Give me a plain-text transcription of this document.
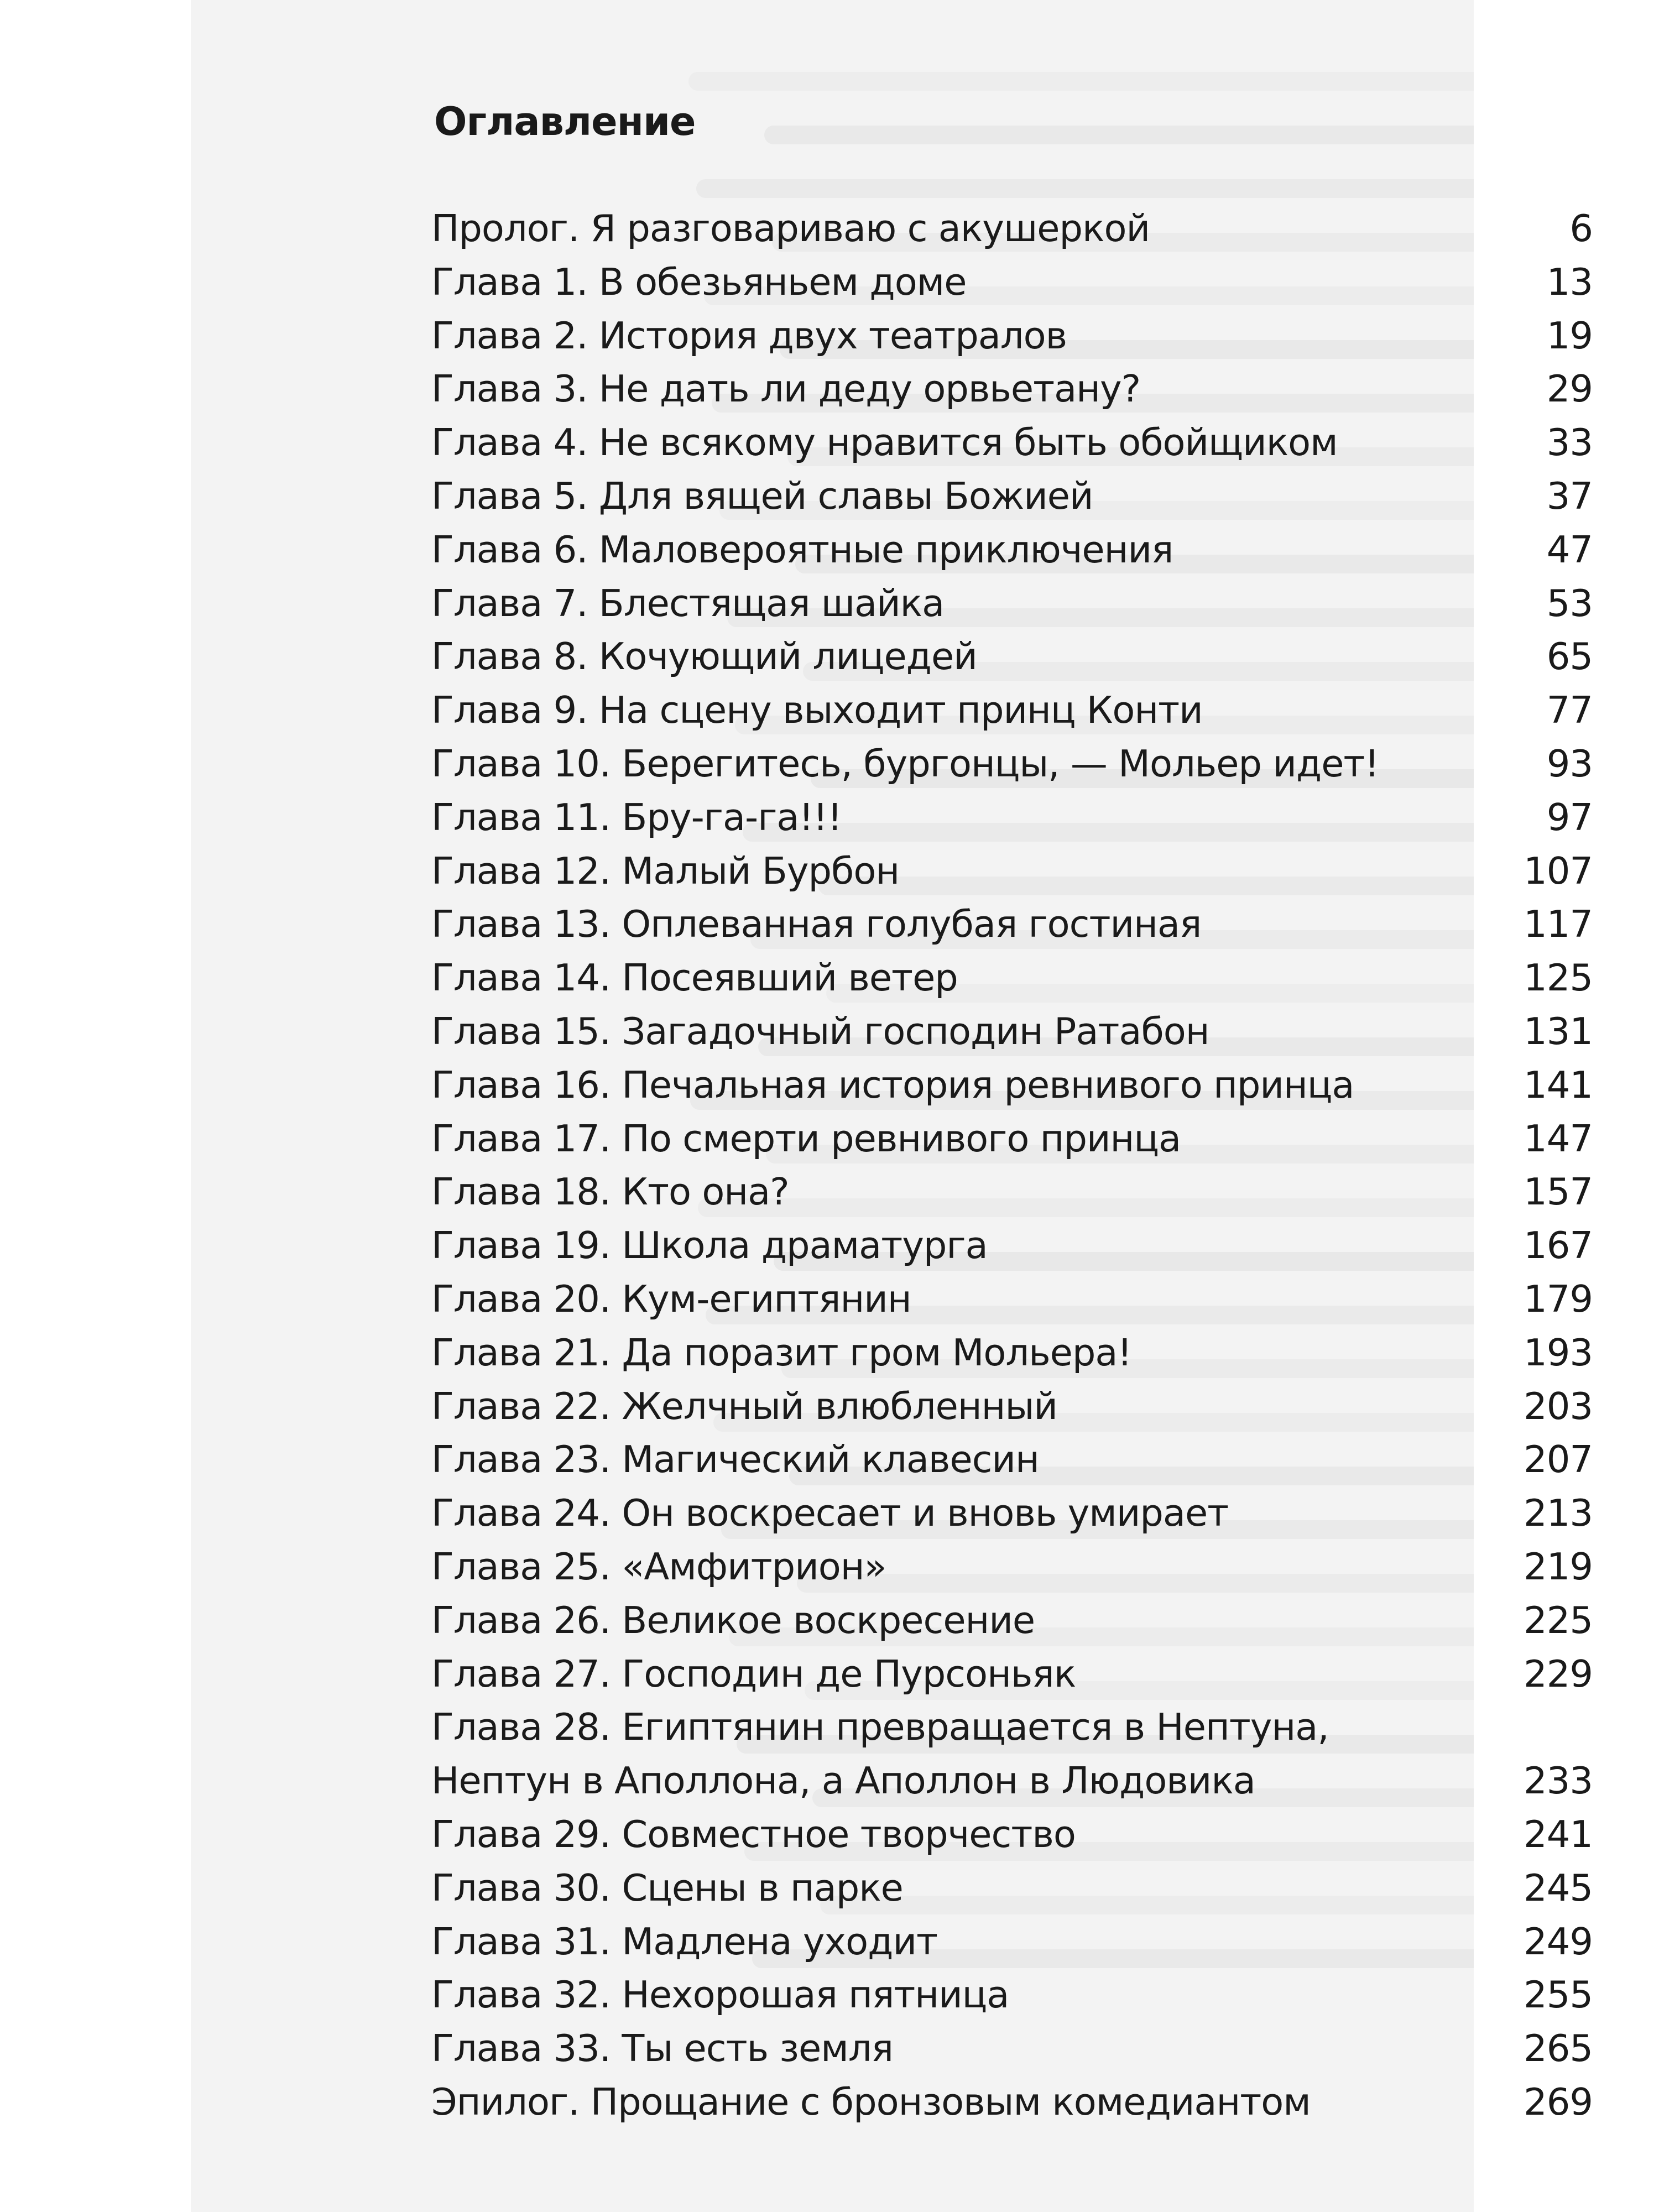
Оглавление
Пролог. Я разговариваю с акушеркой	6
Глава 1. В обезьяньем доме	13
Глава 2. История двух театралов	19
Глава 3. Не дать ли деду орвьетану?	29
Глава 4. Не всякому нравится быть обойщиком	33
Глава 5. Для вящей славы Божией	37
Глава 6. Маловероятные приключения	47
Глава 7. Блестящая шайка	53
Глава 8. Кочующий лицедей	65
Глава 9. На сцену выходит принц Конти	77
Глава 10. Берегитесь, бургонцы, — Мольер идет!	93
Глава 11. Бру-га-га!!!	97
Глава 12. Малый Бурбон	107
Глава 13. Оплеванная голубая гостиная	117
Глава 14. Посеявший ветер	125
Глава 15. Загадочный господин Ратабон	131
Глава 16. Печальная история ревнивого принца	141
Глава 17. По смерти ревнивого принца	147
Глава 18. Кто она?	157
Глава 19. Школа драматурга	167
Глава 20. Кум-египтянин	179
Глава 21. Да поразит гром Мольера!	193
Глава 22. Желчный влюбленный	203
Глава 23. Магический клавесин	207
Глава 24. Он воскресает и вновь умирает	213
Глава 25. «Амфитрион»	219
Глава 26. Великое воскресение	225
Глава 27. Господин де Пурсоньяк	229
Глава 28. Египтянин превращается в Нептуна,
Нептун в Аполлона, а Аполлон в Людовика	233
Глава 29. Совместное творчество	241
Глава 30. Сцены в парке	245
Глава 31. Мадлена уходит	249
Глава 32. Нехорошая пятница	255
Глава 33. Ты есть земля	265
Эпилог. Прощание с бронзовым комедиантом	269
